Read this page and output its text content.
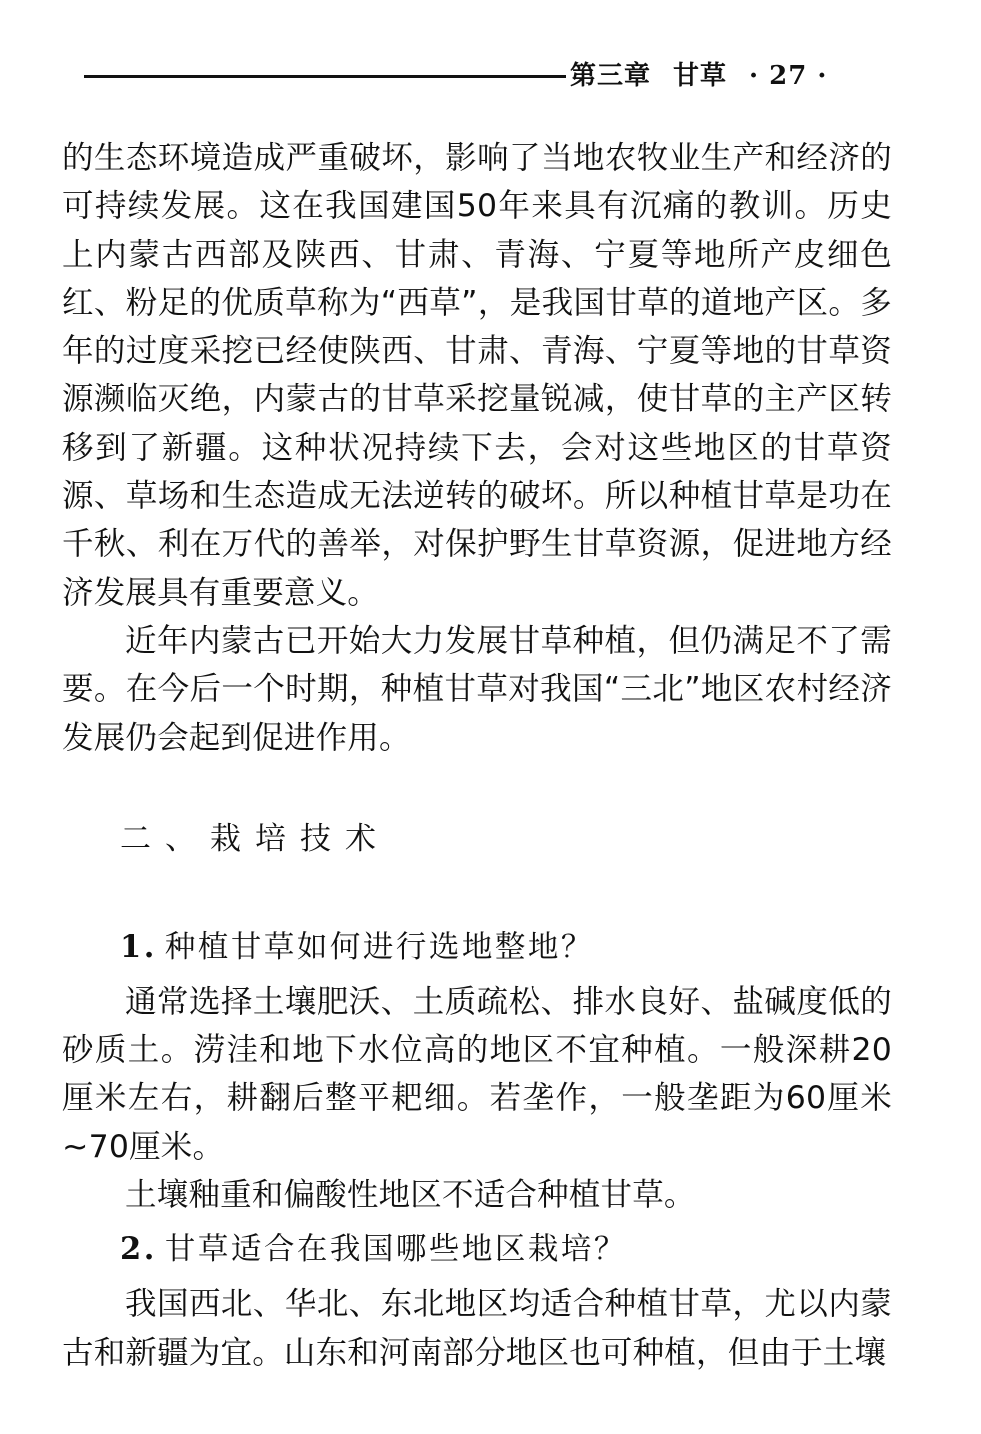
第三章 甘草 · 27 ·

的生态环境造成严重破坏，影响了当地农牧业生产和经济的可持续发展。这在我国建国50年来具有沉痛的教训。历史上内蒙古西部及陕西、甘肃、青海、宁夏等地所产皮细色红、粉足的优质草称为“西草”，是我国甘草的道地产区。多年的过度采挖已经使陕西、甘肃、青海、宁夏等地的甘草资源濒临灭绝，内蒙古的甘草采挖量锐减，使甘草的主产区转移到了新疆。这种状况持续下去，会对这些地区的甘草资源、草场和生态造成无法逆转的破坏。所以种植甘草是功在千秋、利在万代的善举，对保护野生甘草资源，促进地方经济发展具有重要意义。

近年内蒙古已开始大力发展甘草种植，但仍满足不了需要。在今后一个时期，种植甘草对我国“三北”地区农村经济发展仍会起到促进作用。

二、栽培技术

1. 种植甘草如何进行选地整地？

通常选择土壤肥沃、土质疏松、排水良好、盐碱度低的砂质土。涝洼和地下水位高的地区不宜种植。一般深耕20厘米左右，耕翻后整平耙细。若垄作，一般垄距为60厘米~70厘米。

土壤釉重和偏酸性地区不适合种植甘草。

2. 甘草适合在我国哪些地区栽培？

我国西北、华北、东北地区均适合种植甘草，尤以内蒙古和新疆为宜。山东和河南部分地区也可种植，但由于土壤
